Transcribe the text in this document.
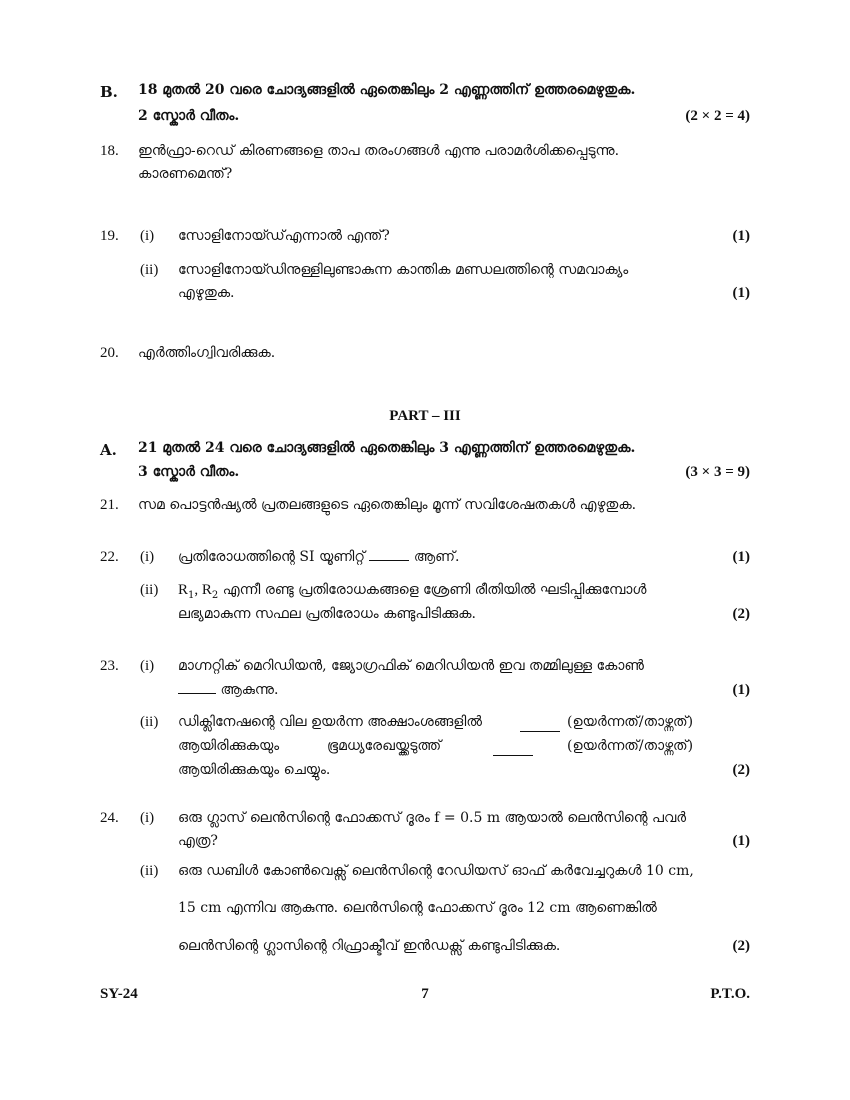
B. 18 മുതൽ 20 വരെ ചോദ്യങ്ങളിൽ ഏതെങ്കിലും 2 എണ്ണത്തിന് ഉത്തരമെഴുതുക.
2 സ്കോർ വീതം.	(2 × 2 = 4)
18. ഇൻഫ്രാ-റെഡ് കിരണങ്ങളെ താപ തരംഗങ്ങൾ എന്നു പരാമർശിക്കപ്പെടുന്നു.
കാരണമെന്ത്?
19. (i) സോളിനോയ്ഡ്എന്നാൽ എന്ത്?	(1)
(ii) സോളിനോയ്ഡിനുള്ളിലുണ്ടാകുന്ന കാന്തിക മണ്ഡലത്തിന്റെ സമവാക്യം
എഴുതുക.	(1)
20. എർത്തിംഗ്വിവരിക്കുക.
PART – III
A. 21 മുതൽ 24 വരെ ചോദ്യങ്ങളിൽ ഏതെങ്കിലും 3 എണ്ണത്തിന് ഉത്തരമെഴുതുക.
3 സ്കോർ വീതം.	(3 × 3 = 9)
21. സമ പൊട്ടൻഷ്യൽ പ്രതലങ്ങളുടെ ഏതെങ്കിലും മൂന്ന് സവിശേഷതകൾ എഴുതുക.
22. (i) പ്രതിരോധത്തിന്റെ SI യൂണിറ്റ്	ആണ്.	(1)
(ii) $R_1$, $R_2$ എന്നീ രണ്ടു പ്രതിരോധകങ്ങളെ ശ്രേണി രീതിയിൽ ഘടിപ്പിക്കുമ്പോൾ
ലഭ്യമാകുന്ന സഫല പ്രതിരോധം കണ്ടുപിടിക്കുക.	(2)
23. (i) മാഗ്നറ്റിക് മെറിഡിയൻ, ജ്യോഗ്രഫിക് മെറിഡിയൻ ഇവ തമ്മിലുള്ള കോൺ
ആകുന്നു.	(1)
(ii) ഡിക്ലിനേഷന്റെ വില ഉയർന്ന അക്ഷാംശങ്ങളിൽ	(ഉയർന്നത്/താഴ്ന്നത്)
ആയിരിക്കുകയും	ഭൂമധ്യരേഖയ്ക്കടുത്ത്	(ഉയർന്നത്/താഴ്ന്നത്)
ആയിരിക്കുകയും ചെയ്യും.	(2)
24. (i) ഒരു ഗ്ലാസ് ലെൻസിന്റെ ഫോക്കസ് ദൂരം f = 0.5 m ആയാൽ ലെൻസിന്റെ പവർ
എത്ര?	(1)
(ii) ഒരു ഡബിൾ കോൺവെക്സ് ലെൻസിന്റെ റേഡിയസ് ഓഫ് കർവേച്ചറുകൾ 10 cm,
15 cm എന്നിവ ആകുന്നു. ലെൻസിന്റെ ഫോക്കസ് ദൂരം 12 cm ആണെങ്കിൽ
ലെൻസിന്റെ ഗ്ലാസിന്റെ റിഫ്രാക്ടീവ് ഇൻഡക്സ് കണ്ടുപിടിക്കുക.	(2)
SY-24	7	P.T.O.
